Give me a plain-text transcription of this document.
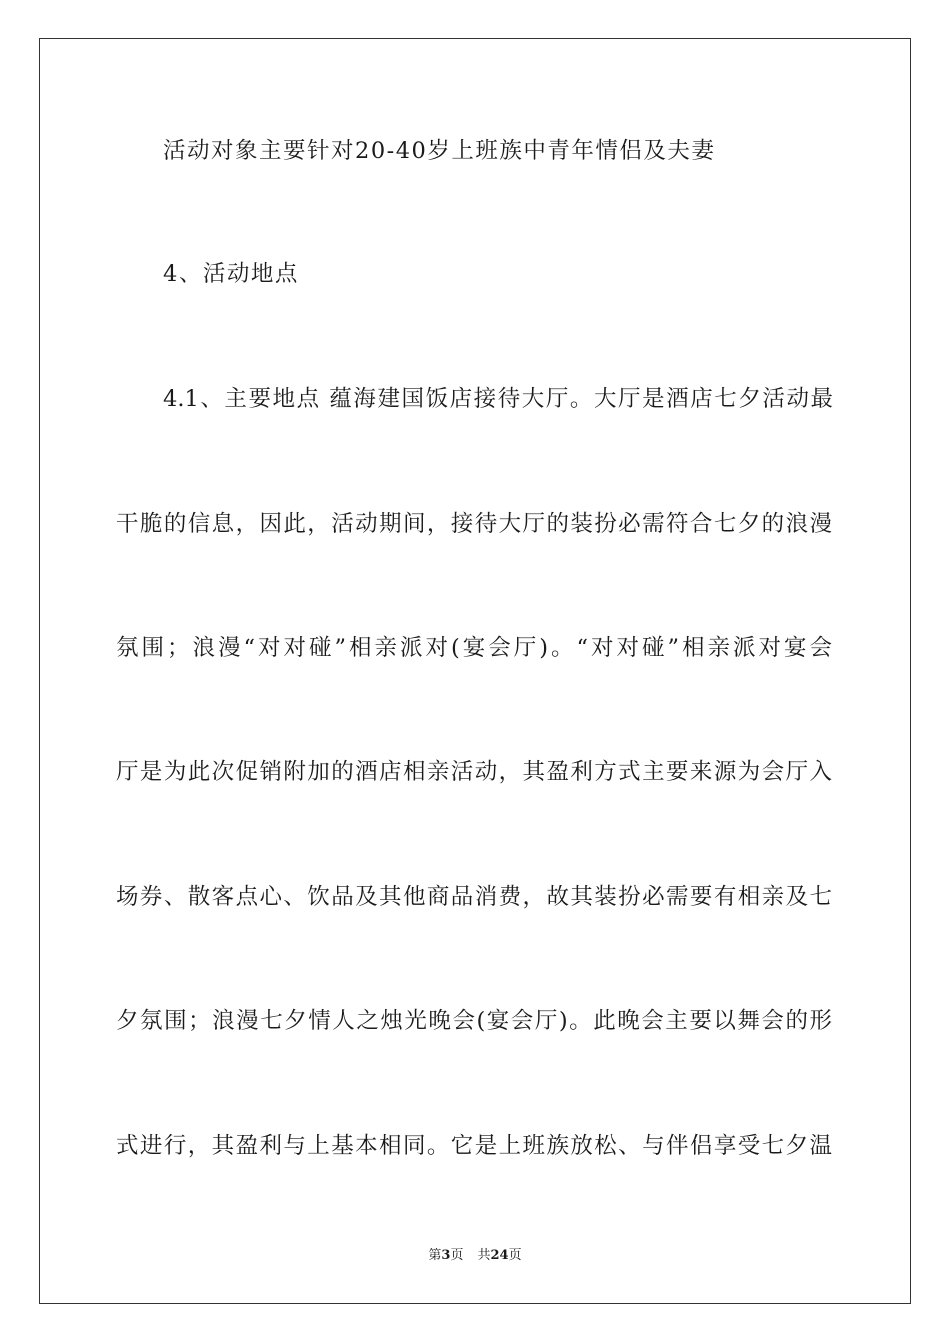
活动对象主要针对20-40岁上班族中青年情侣及夫妻
4、活动地点
4.1、主要地点 蕴海建国饭店接待大厅。大厅是酒店七夕活动最
干脆的信息，因此，活动期间，接待大厅的装扮必需符合七夕的浪漫
氛围；浪漫“对对碰”相亲派对(宴会厅)。“对对碰”相亲派对宴会
厅是为此次促销附加的酒店相亲活动，其盈利方式主要来源为会厅入
场券、散客点心、饮品及其他商品消费，故其装扮必需要有相亲及七
夕氛围；浪漫七夕情人之烛光晚会(宴会厅)。此晚会主要以舞会的形
式进行，其盈利与上基本相同。它是上班族放松、与伴侣享受七夕温
第3页 共24页
